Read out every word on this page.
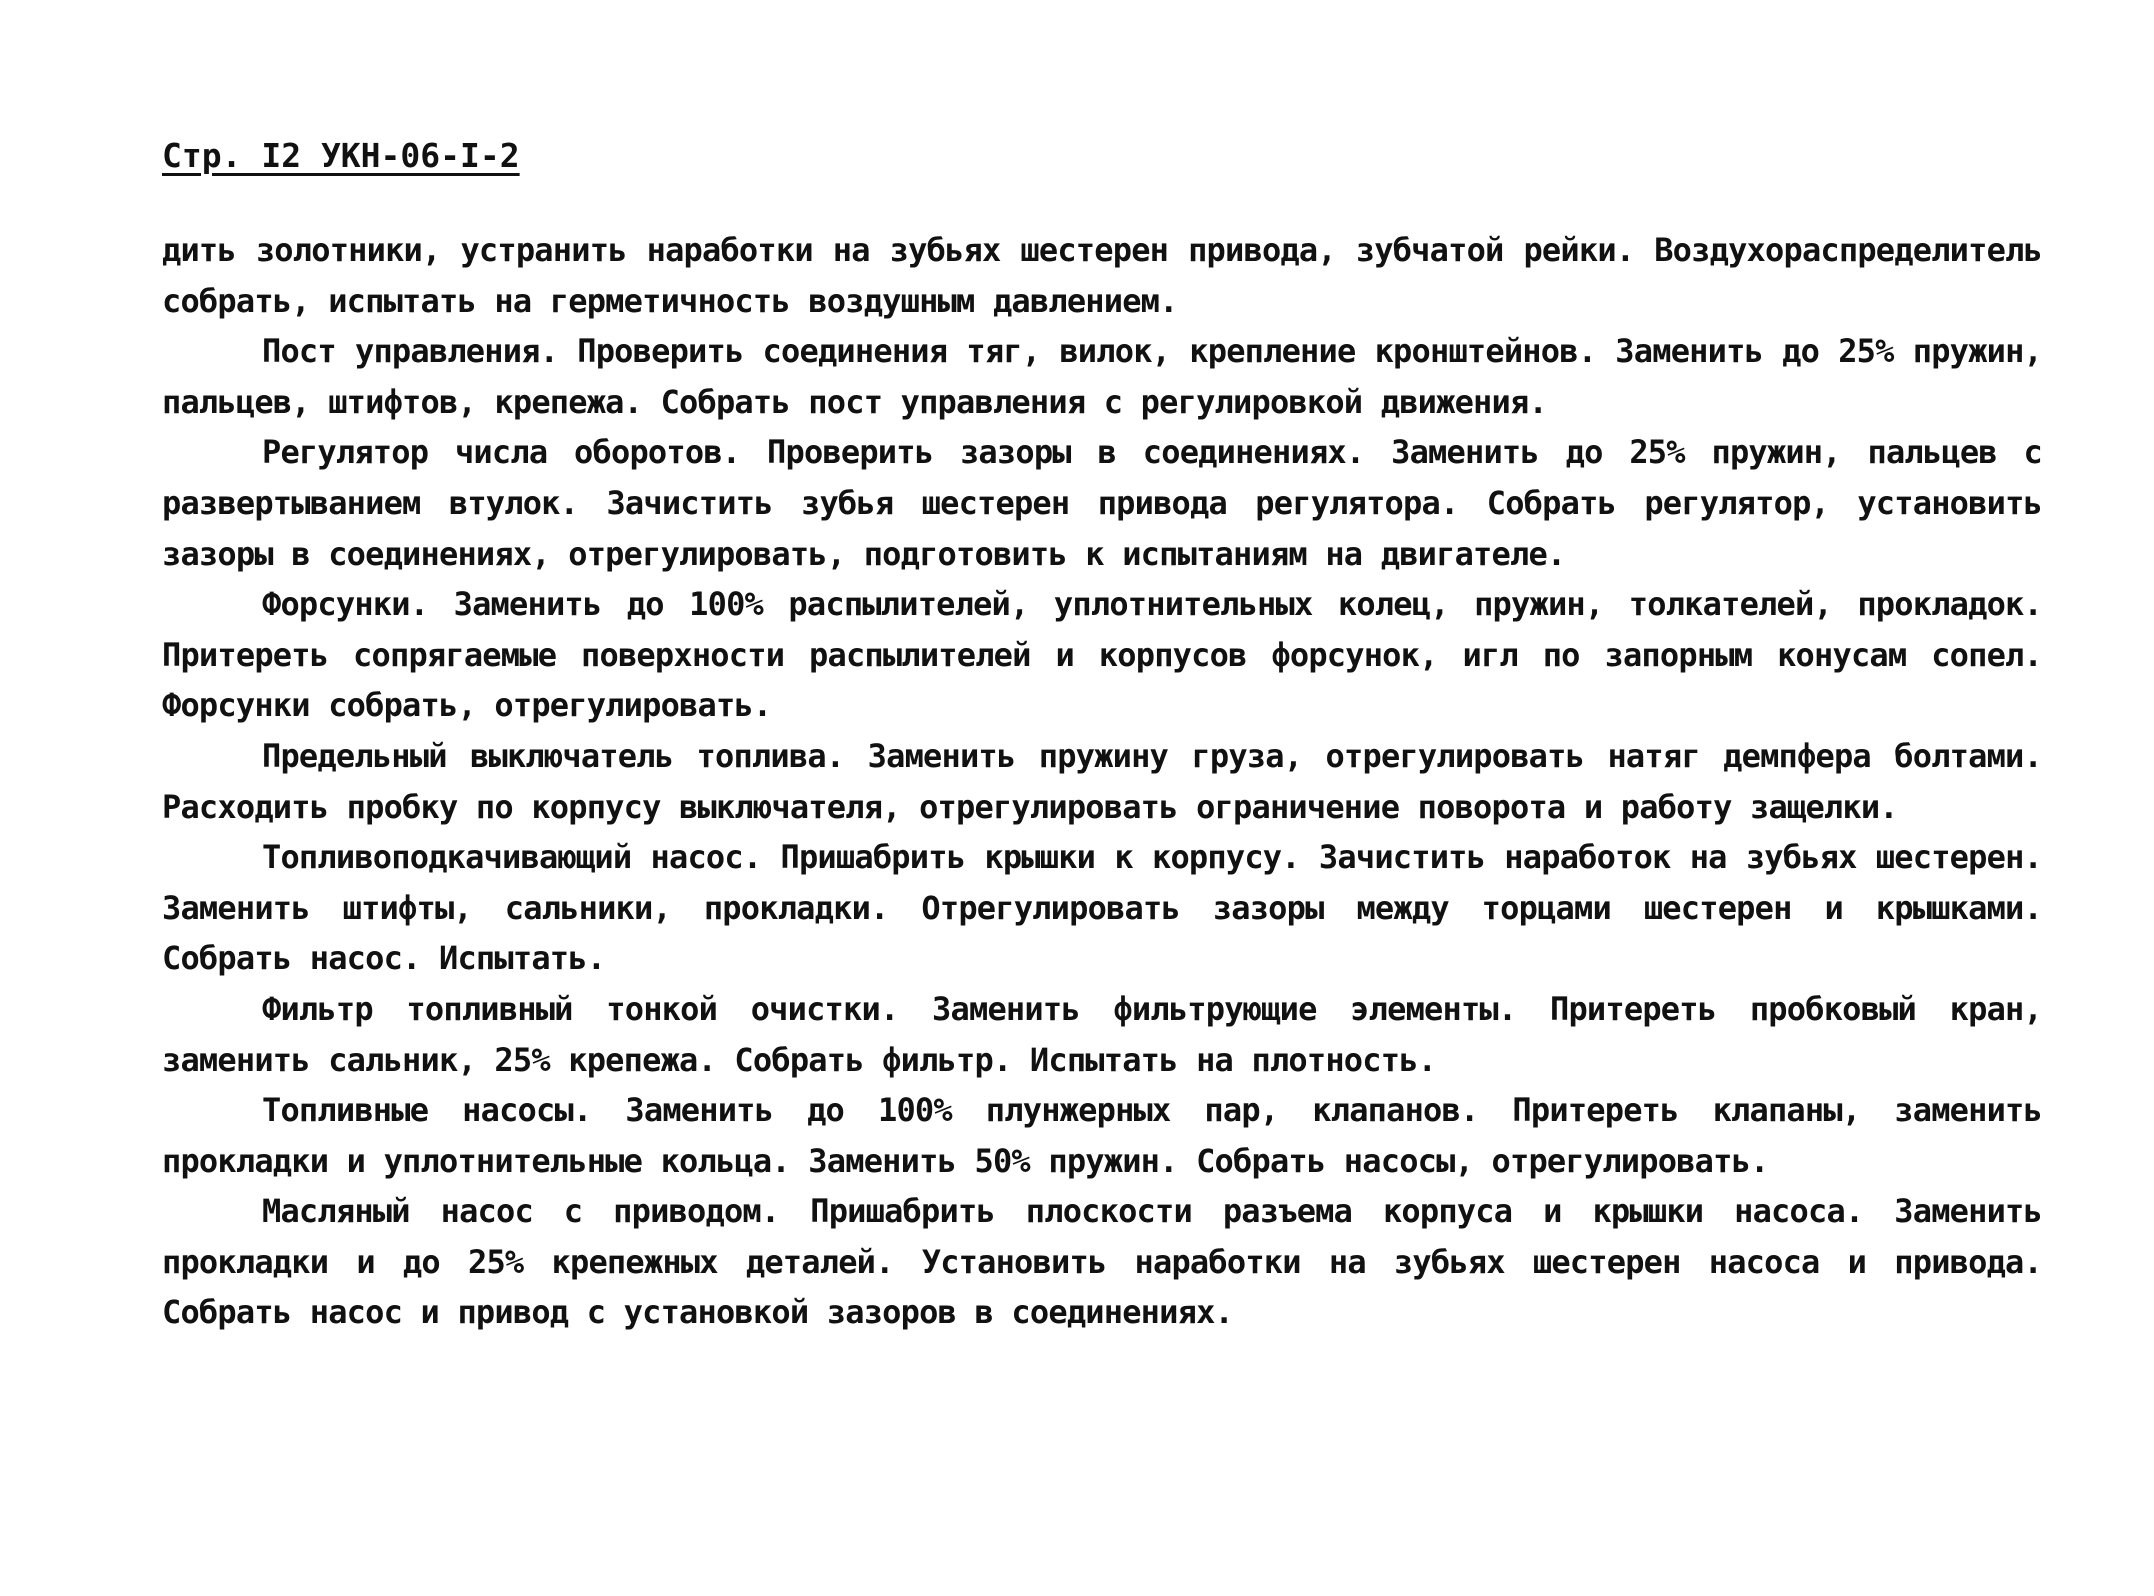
Стр. I2 УКН-06-I-2

дить золотники, устранить наработки на зубьях шестерен привода, зубчатой рейки. Воздухораспределитель собрать, испытать на герметичность воздушным давлением.

Пост управления. Проверить соединения тяг, вилок, крепление кронштейнов. Заменить до 25% пружин, пальцев, штифтов, крепежа. Собрать пост управления с регулировкой движения.

Регулятор числа оборотов. Проверить зазоры в соединениях. Заменить до 25% пружин, пальцев с развертыванием втулок. Зачистить зубья шестерен привода регулятора. Собрать регулятор, установить зазоры в соединениях, отрегулировать, подготовить к испытаниям на двигателе.

Форсунки. Заменить до 100% распылителей, уплотнительных колец, пружин, толкателей, прокладок. Притереть сопрягаемые поверхности распылителей и корпусов форсунок, игл по запорным конусам сопел. Форсунки собрать, отрегулировать.

Предельный выключатель топлива. Заменить пружину груза, отрегулировать натяг демпфера болтами. Расходить пробку по корпусу выключателя, отрегулировать ограничение поворота и работу защелки.

Топливоподкачивающий насос. Пришабрить крышки к корпусу. Зачистить наработок на зубьях шестерен. Заменить штифты, сальники, прокладки. Отрегулировать зазоры между торцами шестерен и крышками. Собрать насос. Испытать.

Фильтр топливный тонкой очистки. Заменить фильтрующие элементы. Притереть пробковый кран, заменить сальник, 25% крепежа. Собрать фильтр. Испытать на плотность.

Топливные насосы. Заменить до 100% плунжерных пар, клапанов. Притереть клапаны, заменить прокладки и уплотнительные кольца. Заменить 50% пружин. Собрать насосы, отрегулировать.

Масляный насос с приводом. Пришабрить плоскости разъема корпуса и крышки насоса. Заменить прокладки и до 25% крепежных деталей. Установить наработки на зубьях шестерен насоса и привода. Собрать насос и привод с установкой зазоров в соединениях.
